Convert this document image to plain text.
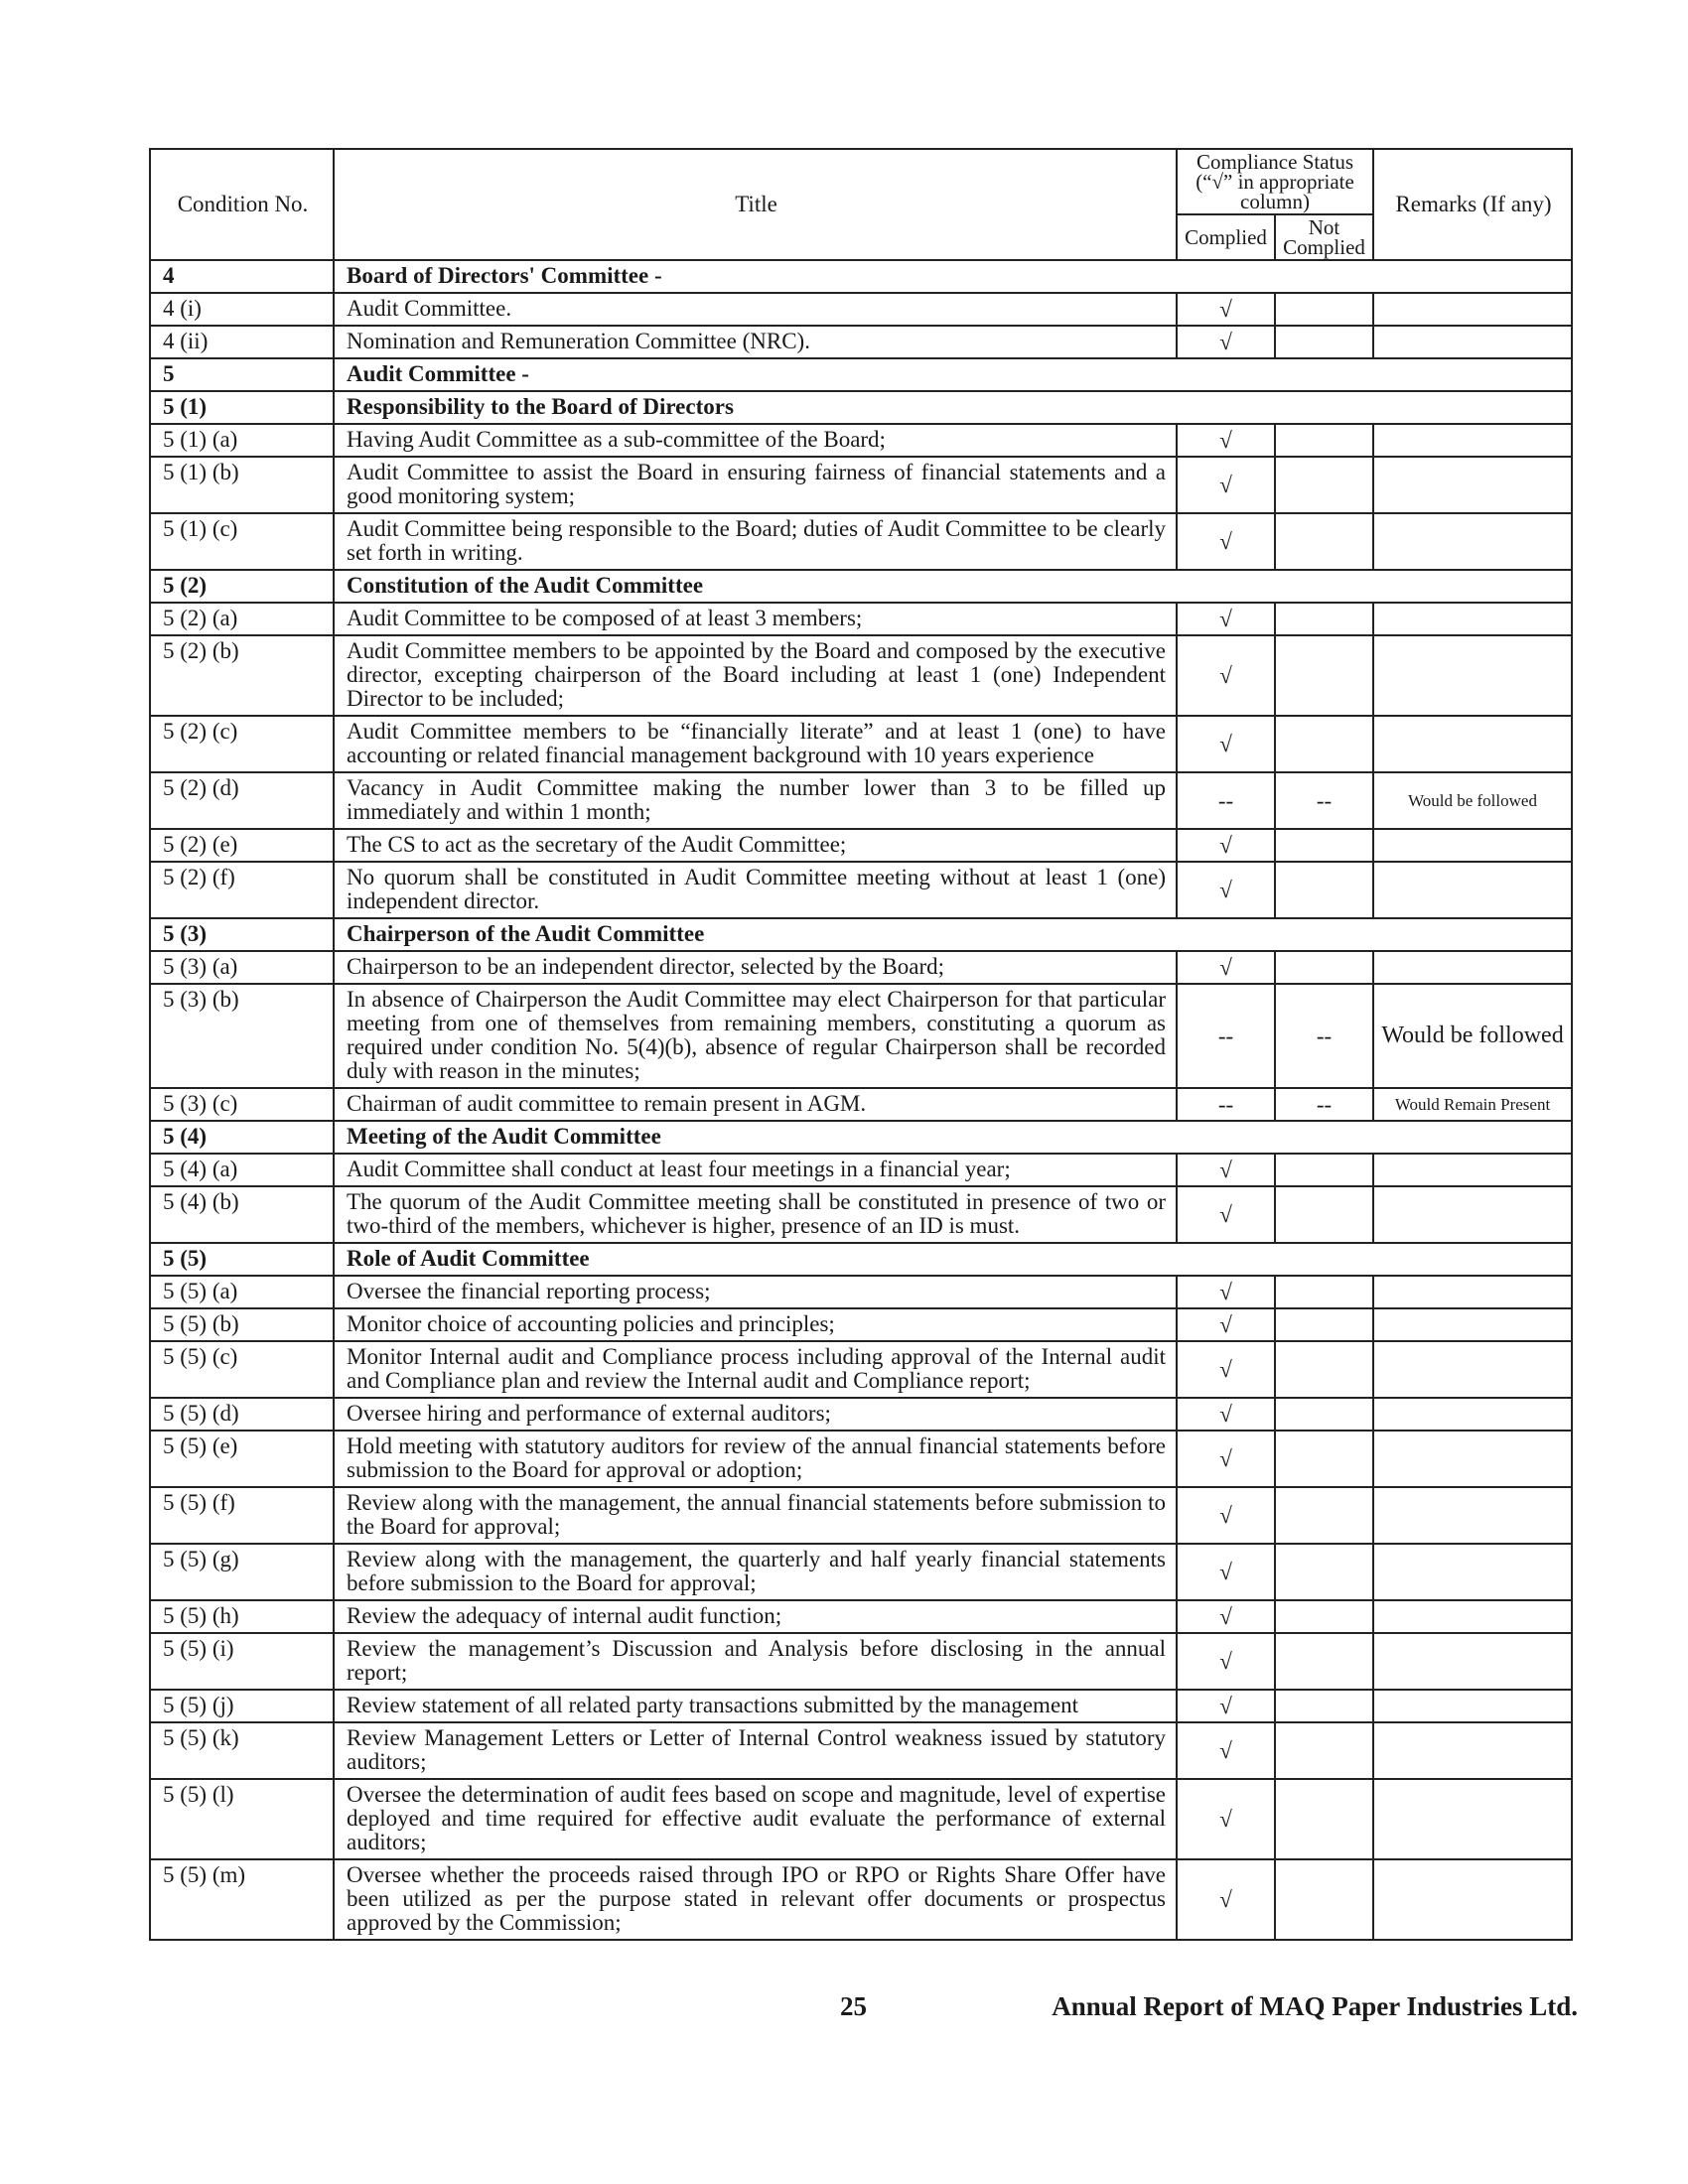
Condition No.	Title	Compliance Status (“√” in appropriate column)		Remarks (If any)
		Complied	Not Complied	
4	Board of Directors' Committee -			
4 (i)	Audit Committee.	√		
4 (ii)	Nomination and Remuneration Committee (NRC).	√		
5	Audit Committee -			
5 (1)	Responsibility to the Board of Directors			
5 (1) (a)	Having Audit Committee as a sub-committee of the Board;	√		
5 (1) (b)	Audit Committee to assist the Board in ensuring fairness of financial statements and a good monitoring system;	√		
5 (1) (c)	Audit Committee being responsible to the Board; duties of Audit Committee to be clearly set forth in writing.	√		
5 (2)	Constitution of the Audit Committee			
5 (2) (a)	Audit Committee to be composed of at least 3 members;	√		
5 (2) (b)	Audit Committee members to be appointed by the Board and composed by the executive director, excepting chairperson of the Board including at least 1 (one) Independent Director to be included;	√		
5 (2) (c)	Audit Committee members to be “financially literate” and at least 1 (one) to have accounting or related financial management background with 10 years experience	√		
5 (2) (d)	Vacancy in Audit Committee making the number lower than 3 to be filled up immediately and within 1 month;	--	--	Would be followed
5 (2) (e)	The CS to act as the secretary of the Audit Committee;	√		
5 (2) (f)	No quorum shall be constituted in Audit Committee meeting without at least 1 (one) independent director.	√		
5 (3)	Chairperson of the Audit Committee			
5 (3) (a)	Chairperson to be an independent director, selected by the Board;	√		
5 (3) (b)	In absence of Chairperson the Audit Committee may elect Chairperson for that particular meeting from one of themselves from remaining members, constituting a quorum as required under condition No. 5(4)(b), absence of regular Chairperson shall be recorded duly with reason in the minutes;	--	--	Would be followed
5 (3) (c)	Chairman of audit committee to remain present in AGM.	--	--	Would Remain Present
5 (4)	Meeting of the Audit Committee			
5 (4) (a)	Audit Committee shall conduct at least four meetings in a financial year;	√		
5 (4) (b)	The quorum of the Audit Committee meeting shall be constituted in presence of two or two-third of the members, whichever is higher, presence of an ID is must.	√		
5 (5)	Role of Audit Committee			
5 (5) (a)	Oversee the financial reporting process;	√		
5 (5) (b)	Monitor choice of accounting policies and principles;	√		
5 (5) (c)	Monitor Internal audit and Compliance process including approval of the Internal audit and Compliance plan and review the Internal audit and Compliance report;	√		
5 (5) (d)	Oversee hiring and performance of external auditors;	√		
5 (5) (e)	Hold meeting with statutory auditors for review of the annual financial statements before submission to the Board for approval or adoption;	√		
5 (5) (f)	Review along with the management, the annual financial statements before submission to the Board for approval;	√		
5 (5) (g)	Review along with the management, the quarterly and half yearly financial statements before submission to the Board for approval;	√		
5 (5) (h)	Review the adequacy of internal audit function;	√		
5 (5) (i)	Review the management’s Discussion and Analysis before disclosing in the annual report;	√		
5 (5) (j)	Review statement of all related party transactions submitted by the management	√		
5 (5) (k)	Review Management Letters or Letter of Internal Control weakness issued by statutory auditors;	√		
5 (5) (l)	Oversee the determination of audit fees based on scope and magnitude, level of expertise deployed and time required for effective audit evaluate the performance of external auditors;	√		
5 (5) (m)	Oversee whether the proceeds raised through IPO or RPO or Rights Share Offer have been utilized as per the purpose stated in relevant offer documents or prospectus approved by the Commission;	√		
25	Annual Report of MAQ Paper Industries Ltd.
